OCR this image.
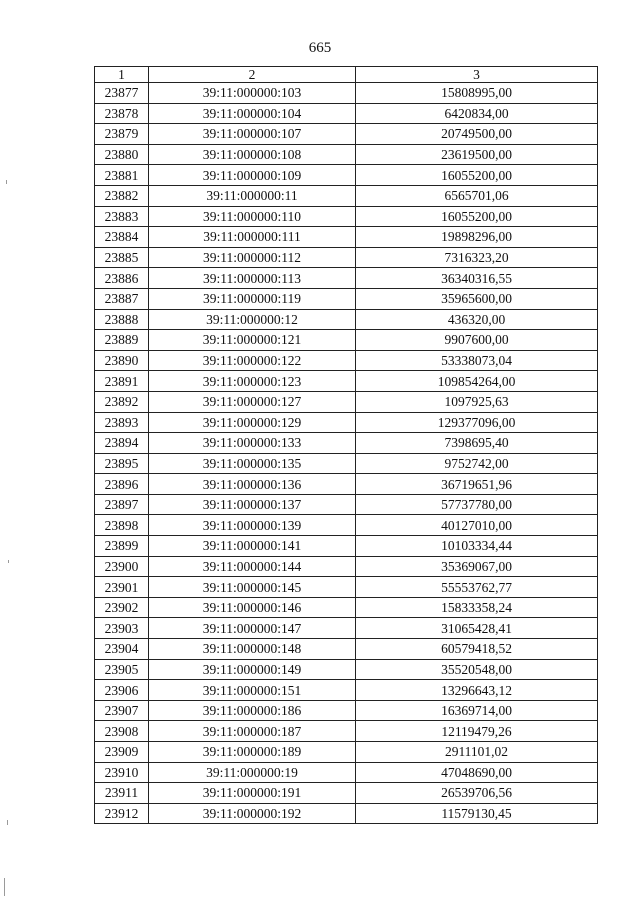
665
1	2	3
23877	39:11:000000:103	15808995,00
23878	39:11:000000:104	6420834,00
23879	39:11:000000:107	20749500,00
23880	39:11:000000:108	23619500,00
23881	39:11:000000:109	16055200,00
23882	39:11:000000:11	6565701,06
23883	39:11:000000:110	16055200,00
23884	39:11:000000:111	19898296,00
23885	39:11:000000:112	7316323,20
23886	39:11:000000:113	36340316,55
23887	39:11:000000:119	35965600,00
23888	39:11:000000:12	436320,00
23889	39:11:000000:121	9907600,00
23890	39:11:000000:122	53338073,04
23891	39:11:000000:123	109854264,00
23892	39:11:000000:127	1097925,63
23893	39:11:000000:129	129377096,00
23894	39:11:000000:133	7398695,40
23895	39:11:000000:135	9752742,00
23896	39:11:000000:136	36719651,96
23897	39:11:000000:137	57737780,00
23898	39:11:000000:139	40127010,00
23899	39:11:000000:141	10103334,44
23900	39:11:000000:144	35369067,00
23901	39:11:000000:145	55553762,77
23902	39:11:000000:146	15833358,24
23903	39:11:000000:147	31065428,41
23904	39:11:000000:148	60579418,52
23905	39:11:000000:149	35520548,00
23906	39:11:000000:151	13296643,12
23907	39:11:000000:186	16369714,00
23908	39:11:000000:187	12119479,26
23909	39:11:000000:189	2911101,02
23910	39:11:000000:19	47048690,00
23911	39:11:000000:191	26539706,56
23912	39:11:000000:192	11579130,45
